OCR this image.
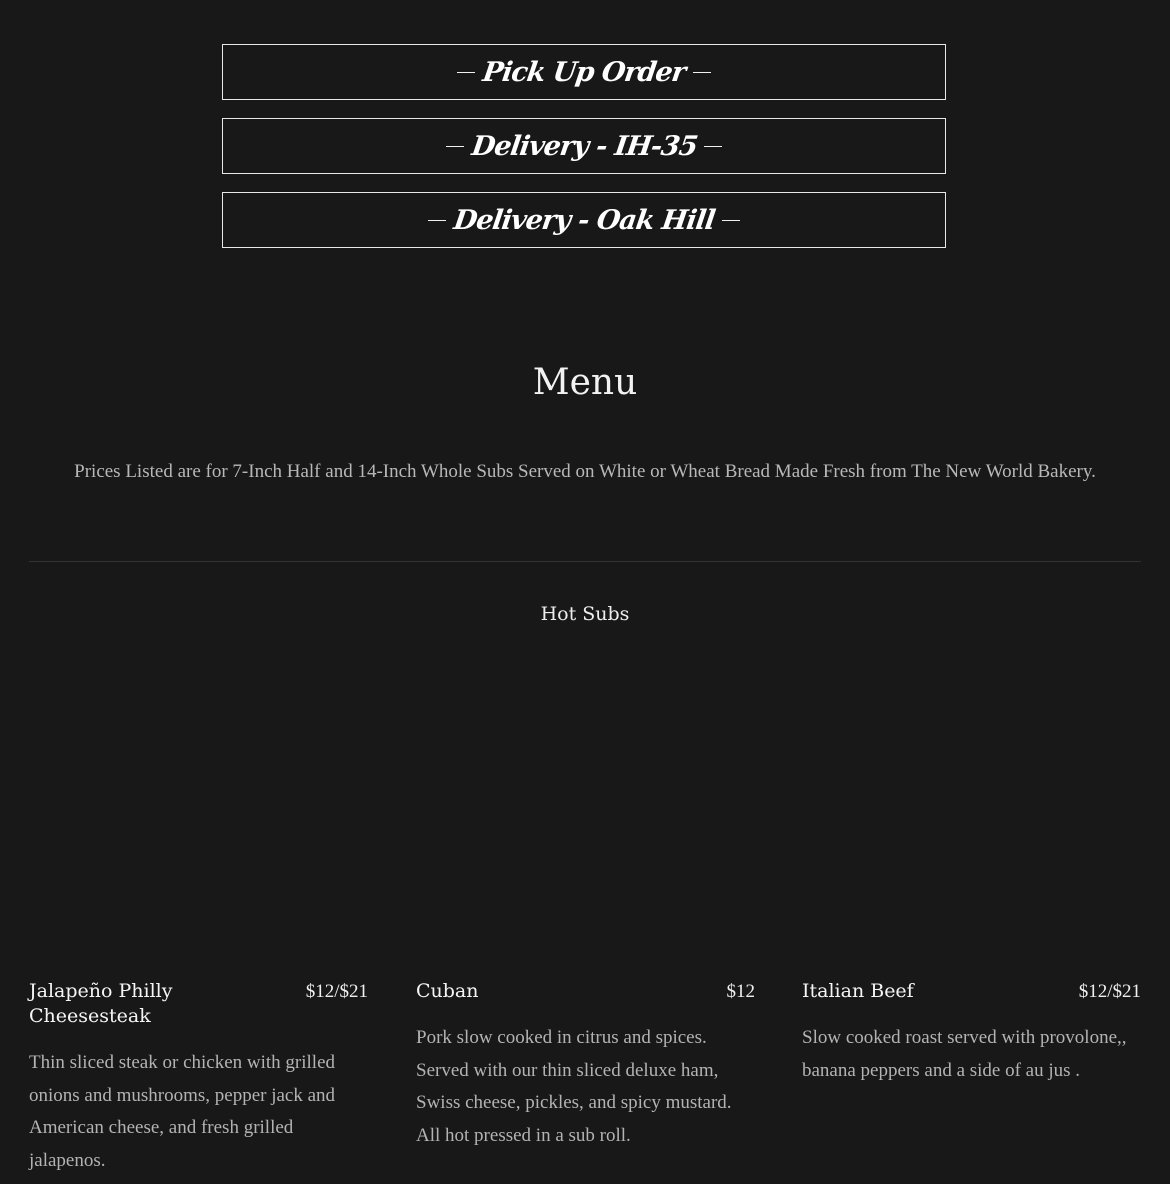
Pick Up Order
Delivery - IH-35
Delivery - Oak Hill
Menu
Prices Listed are for 7-Inch Half and 14-Inch Whole Subs Served on White or Wheat Bread Made Fresh from The New World Bakery.
Hot Subs
Jalapeño Philly Cheesesteak
$12/$21
Thin sliced steak or chicken with grilled onions and mushrooms, pepper jack and American cheese, and fresh grilled jalapenos.
Cuban	$12
Pork slow cooked in citrus and spices. Served with our thin sliced deluxe ham, Swiss cheese, pickles, and spicy mustard. All hot pressed in a sub roll.
Italian Beef	$12/$21
Slow cooked roast served with provolone,, banana peppers and a side of au jus .
